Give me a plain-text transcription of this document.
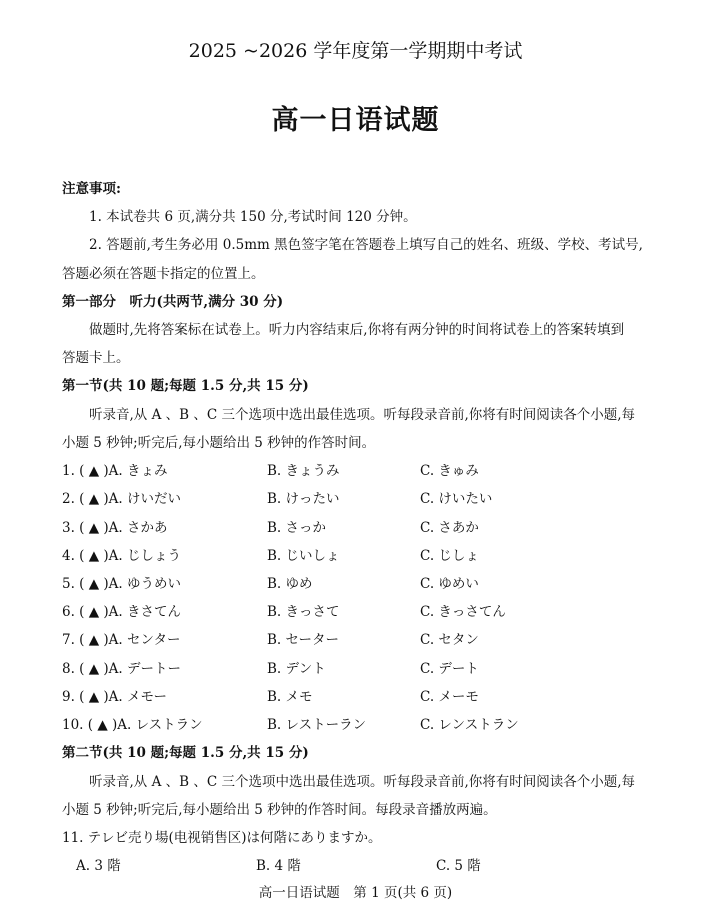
2025 ~2026 学年度第一学期期中考试
高一日语试题
注意事项:
1. 本试卷共 6 页,满分共 150 分,考试时间 120 分钟。
2. 答题前,考生务必用 0.5mm 黑色签字笔在答题卷上填写自己的姓名、班级、学校、考试号,
答题必须在答题卡指定的位置上。
第一部分　听力(共两节,满分 30 分)
做题时,先将答案标在试卷上。听力内容结束后,你将有两分钟的时间将试卷上的答案转填到
答题卡上。
第一节(共 10 题;每题 1.5 分,共 15 分)
听录音,从 A 、B 、C 三个选项中选出最佳选项。听每段录音前,你将有时间阅读各个小题,每
小题 5 秒钟;听完后,每小题给出 5 秒钟的作答时间。
1. ( ▲ )A. きょみ	B. きょうみ	C. きゅみ
2. ( ▲ )A. けいだい	B. けったい	C. けいたい
3. ( ▲ )A. さかあ	B. さっか	C. さあか
4. ( ▲ )A. じしょう	B. じいしょ	C. じしょ
5. ( ▲ )A. ゆうめい	B. ゆめ	C. ゆめい
6. ( ▲ )A. きさてん	B. きっさて	C. きっさてん
7. ( ▲ )A. センター	B. セーター	C. セタン
8. ( ▲ )A. デートー	B. デント	C. デート
9. ( ▲ )A. メモー	B. メモ	C. メーモ
10. ( ▲ )A. レストラン	B. レストーラン	C. レンストラン
第二节(共 10 题;每题 1.5 分,共 15 分)
听录音,从 A 、B 、C 三个选项中选出最佳选项。听每段录音前,你将有时间阅读各个小题,每
小题 5 秒钟;听完后,每小题给出 5 秒钟的作答时间。每段录音播放两遍。
11. テレビ売り場(电视销售区)は何階にありますか。
A. 3 階	B. 4 階	C. 5 階
高一日语试题　第 1 页(共 6 页)
